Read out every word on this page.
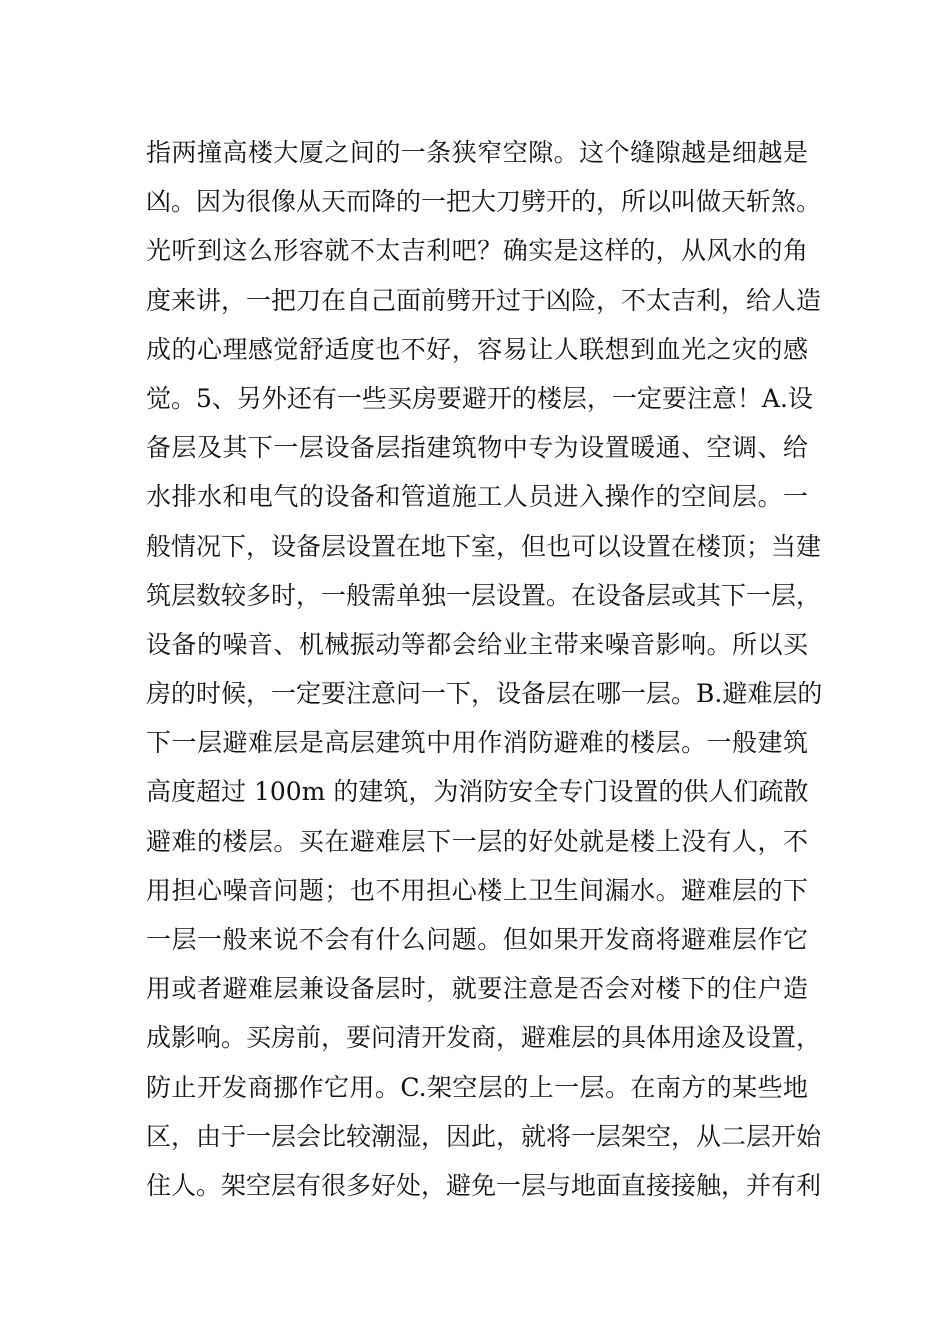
指两撞高楼大厦之间的一条狭窄空隙。这个缝隙越是细越是
凶。因为很像从天而降的一把大刀劈开的，所以叫做天斩煞。
光听到这么形容就不太吉利吧？确实是这样的，从风水的角
度来讲，一把刀在自己面前劈开过于凶险，不太吉利，给人造
成的心理感觉舒适度也不好，容易让人联想到血光之灾的感
觉。5、另外还有一些买房要避开的楼层，一定要注意！A.设
备层及其下一层设备层指建筑物中专为设置暖通、空调、给
水排水和电气的设备和管道施工人员进入操作的空间层。一
般情况下，设备层设置在地下室，但也可以设置在楼顶；当建
筑层数较多时，一般需单独一层设置。在设备层或其下一层，
设备的噪音、机械振动等都会给业主带来噪音影响。所以买
房的时候，一定要注意问一下，设备层在哪一层。B.避难层的
下一层避难层是高层建筑中用作消防避难的楼层。一般建筑
高度超过 100m 的建筑，为消防安全专门设置的供人们疏散
避难的楼层。买在避难层下一层的好处就是楼上没有人，不
用担心噪音问题；也不用担心楼上卫生间漏水。避难层的下
一层一般来说不会有什么问题。但如果开发商将避难层作它
用或者避难层兼设备层时，就要注意是否会对楼下的住户造
成影响。买房前，要问清开发商，避难层的具体用途及设置，
防止开发商挪作它用。C.架空层的上一层。在南方的某些地
区，由于一层会比较潮湿，因此，就将一层架空，从二层开始
住人。架空层有很多好处，避免一层与地面直接接触，并有利
